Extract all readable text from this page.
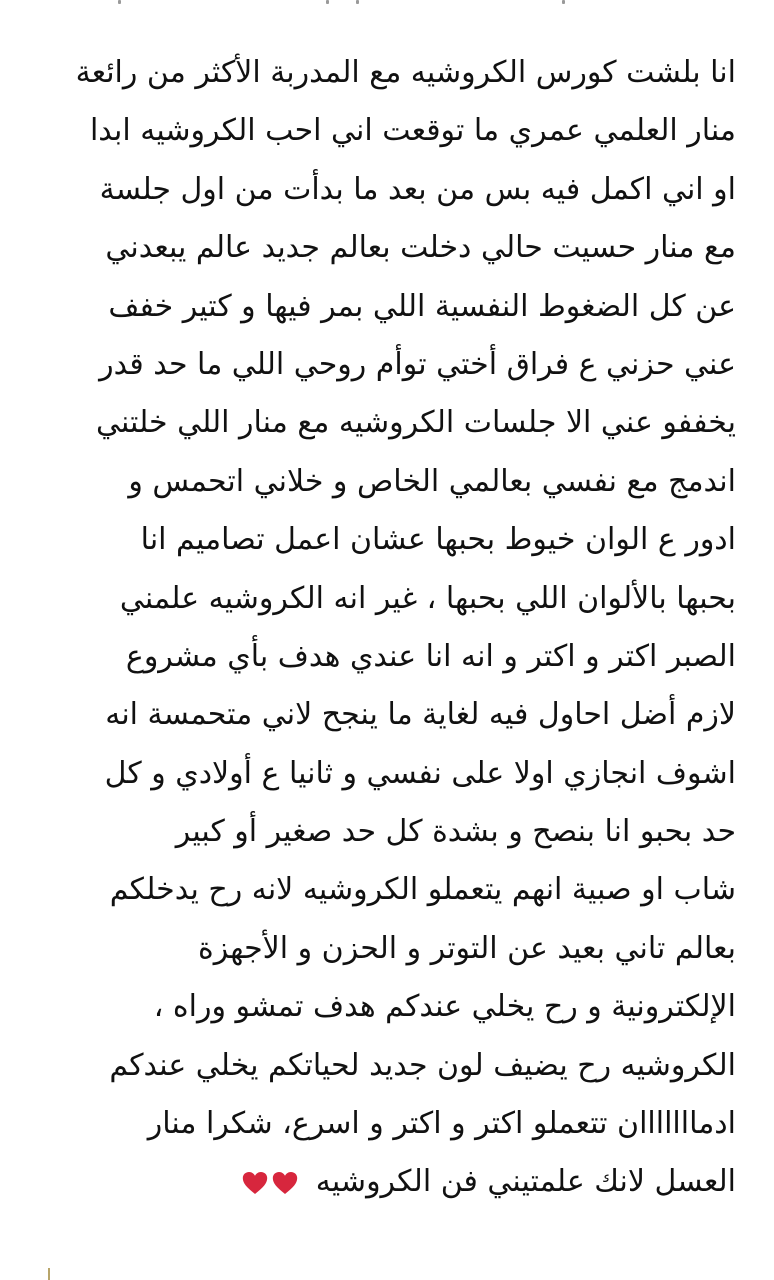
انا بلشت كورس الكروشيه مع المدربة الأكثر من رائعة
منار العلمي عمري ما توقعت اني احب الكروشيه ابدا
او اني اكمل فيه بس من بعد ما بدأت من اول جلسة
مع منار حسيت حالي دخلت بعالم جديد عالم يبعدني
عن كل الضغوط النفسية اللي بمر فيها و كتير خفف
عني حزني ع فراق أختي توأم روحي اللي ما حد قدر
يخففو عني الا جلسات الكروشيه مع منار اللي خلتني
اندمج مع نفسي بعالمي الخاص و خلاني اتحمس و
ادور ع الوان خيوط بحبها عشان اعمل تصاميم انا
بحبها بالألوان اللي بحبها ، غير انه الكروشيه علمني
الصبر اكتر و اكتر و انه انا عندي هدف بأي مشروع
لازم أضل احاول فيه لغاية ما ينجح لاني متحمسة انه
اشوف انجازي اولا على نفسي و ثانيا ع أولادي و كل
حد بحبو انا بنصح و بشدة كل حد صغير أو كبير
شاب او صبية انهم يتعملو الكروشيه لانه رح يدخلكم
بعالم تاني بعيد عن التوتر و الحزن و الأجهزة
الإلكترونية و رح يخلي عندكم هدف تمشو وراه ،
الكروشيه رح يضيف لون جديد لحياتكم يخلي عندكم
ادمااااااان تتعملو اكتر و اكتر و اسرع، شكرا منار
العسل لانك علمتيني فن الكروشيه
